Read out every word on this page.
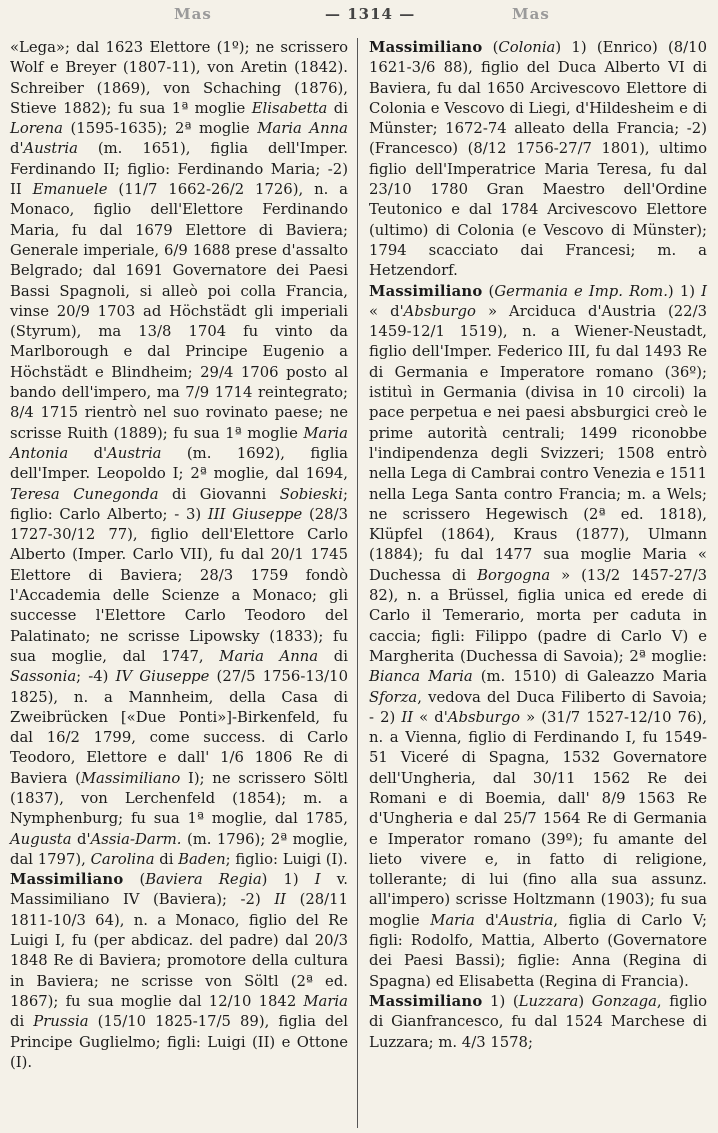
Mas	— 1314 —	Mas

«Lega»; dal 1623 Elettore (1º); ne scrissero Wolf e Breyer (1807-11), von Aretin (1842). Schreiber (1869), von Schaching (1876), Stieve 1882); fu sua 1ª moglie Elisabetta di Lorena (1595-1635); 2ª moglie Maria Anna d'Austria (m. 1651), figlia dell'Imper. Ferdinando II; figlio: Ferdinando Maria; -2) II Emanuele (11/7 1662-26/2 1726), n. a Monaco, figlio dell'Elettore Ferdinando Maria, fu dal 1679 Elettore di Baviera; Generale imperiale, 6/9 1688 prese d'assalto Belgrado; dal 1691 Governatore dei Paesi Bassi Spagnoli, si alleò poi colla Francia, vinse 20/9 1703 ad Höchstädt gli imperiali (Styrum), ma 13/8 1704 fu vinto da Marlborough e dal Principe Eugenio a Höchstädt e Blindheim; 29/4 1706 posto al bando dell'impero, ma 7/9 1714 reintegrato; 8/4 1715 rientrò nel suo rovinato paese; ne scrisse Ruith (1889); fu sua 1ª moglie Maria Antonia d'Austria (m. 1692), figlia dell'Imper. Leopoldo I; 2ª moglie, dal 1694, Teresa Cunegonda di Giovanni Sobieski; figlio: Carlo Alberto; - 3) III Giuseppe (28/3 1727-30/12 77), figlio dell'Elettore Carlo Alberto (Imper. Carlo VII), fu dal 20/1 1745 Elettore di Baviera; 28/3 1759 fondò l'Accademia delle Scienze a Monaco; gli successe l'Elettore Carlo Teodoro del Palatinato; ne scrisse Lipowsky (1833); fu sua moglie, dal 1747, Maria Anna di Sassonia; -4) IV Giuseppe (27/5 1756-13/10 1825), n. a Mannheim, della Casa di Zweibrücken [«Due Ponti»]-Birkenfeld, fu dal 16/2 1799, come success. di Carlo Teodoro, Elettore e dall' 1/6 1806 Re di Baviera (Massimiliano I); ne scrissero Söltl (1837), von Lerchenfeld (1854); m. a Nymphenburg; fu sua 1ª moglie, dal 1785, Augusta d'Assia-Darm. (m. 1796); 2ª moglie, dal 1797), Carolina di Baden; figlio: Luigi (I).

Massimiliano (Baviera Regia) 1) I v. Massimiliano IV (Baviera); -2) II (28/11 1811-10/3 64), n. a Monaco, figlio del Re Luigi I, fu (per abdicaz. del padre) dal 20/3 1848 Re di Baviera; promotore della cultura in Baviera; ne scrisse von Söltl (2ª ed. 1867); fu sua moglie dal 12/10 1842 Maria di Prussia (15/10 1825-17/5 89), figlia del Principe Guglielmo; figli: Luigi (II) e Ottone (I).

Massimiliano (Colonia) 1) (Enrico) (8/10 1621-3/6 88), figlio del Duca Alberto VI di Baviera, fu dal 1650 Arcivescovo Elettore di Colonia e Vescovo di Liegi, d'Hildesheim e di Münster; 1672-74 alleato della Francia; -2) (Francesco) (8/12 1756-27/7 1801), ultimo figlio dell'Imperatrice Maria Teresa, fu dal 23/10 1780 Gran Maestro dell'Ordine Teutonico e dal 1784 Arcivescovo Elettore (ultimo) di Colonia (e Vescovo di Münster); 1794 scacciato dai Francesi; m. a Hetzendorf.

Massimiliano (Germania e Imp. Rom.) 1) I « d'Absburgo » Arciduca d'Austria (22/3 1459-12/1 1519), n. a Wiener-Neustadt, figlio dell'Imper. Federico III, fu dal 1493 Re di Germania e Imperatore romano (36º); istituì in Germania (divisa in 10 circoli) la pace perpetua e nei paesi absburgici creò le prime autorità centrali; 1499 riconobbe l'indipendenza degli Svizzeri; 1508 entrò nella Lega di Cambrai contro Venezia e 1511 nella Lega Santa contro Francia; m. a Wels; ne scrissero Hegewisch (2ª ed. 1818), Klüpfel (1864), Kraus (1877), Ulmann (1884); fu dal 1477 sua moglie Maria « Duchessa di Borgogna » (13/2 1457-27/3 82), n. a Brüssel, figlia unica ed erede di Carlo il Temerario, morta per caduta in caccia; figli: Filippo (padre di Carlo V) e Margherita (Duchessa di Savoia); 2ª moglie: Bianca Maria (m. 1510) di Galeazzo Maria Sforza, vedova del Duca Filiberto di Savoia; - 2) II « d'Absburgo » (31/7 1527-12/10 76), n. a Vienna, figlio di Ferdinando I, fu 1549-51 Viceré di Spagna, 1532 Governatore dell'Ungheria, dal 30/11 1562 Re dei Romani e di Boemia, dall' 8/9 1563 Re d'Ungheria e dal 25/7 1564 Re di Germania e Imperator romano (39º); fu amante del lieto vivere e, in fatto di religione, tollerante; di lui (fino alla sua assunz. all'impero) scrisse Holtzmann (1903); fu sua moglie Maria d'Austria, figlia di Carlo V; figli: Rodolfo, Mattia, Alberto (Governatore dei Paesi Bassi); figlie: Anna (Regina di Spagna) ed Elisabetta (Regina di Francia).

Massimiliano 1) (Luzzara) Gonzaga, figlio di Gianfrancesco, fu dal 1524 Marchese di Luzzara; m. 4/3 1578;
